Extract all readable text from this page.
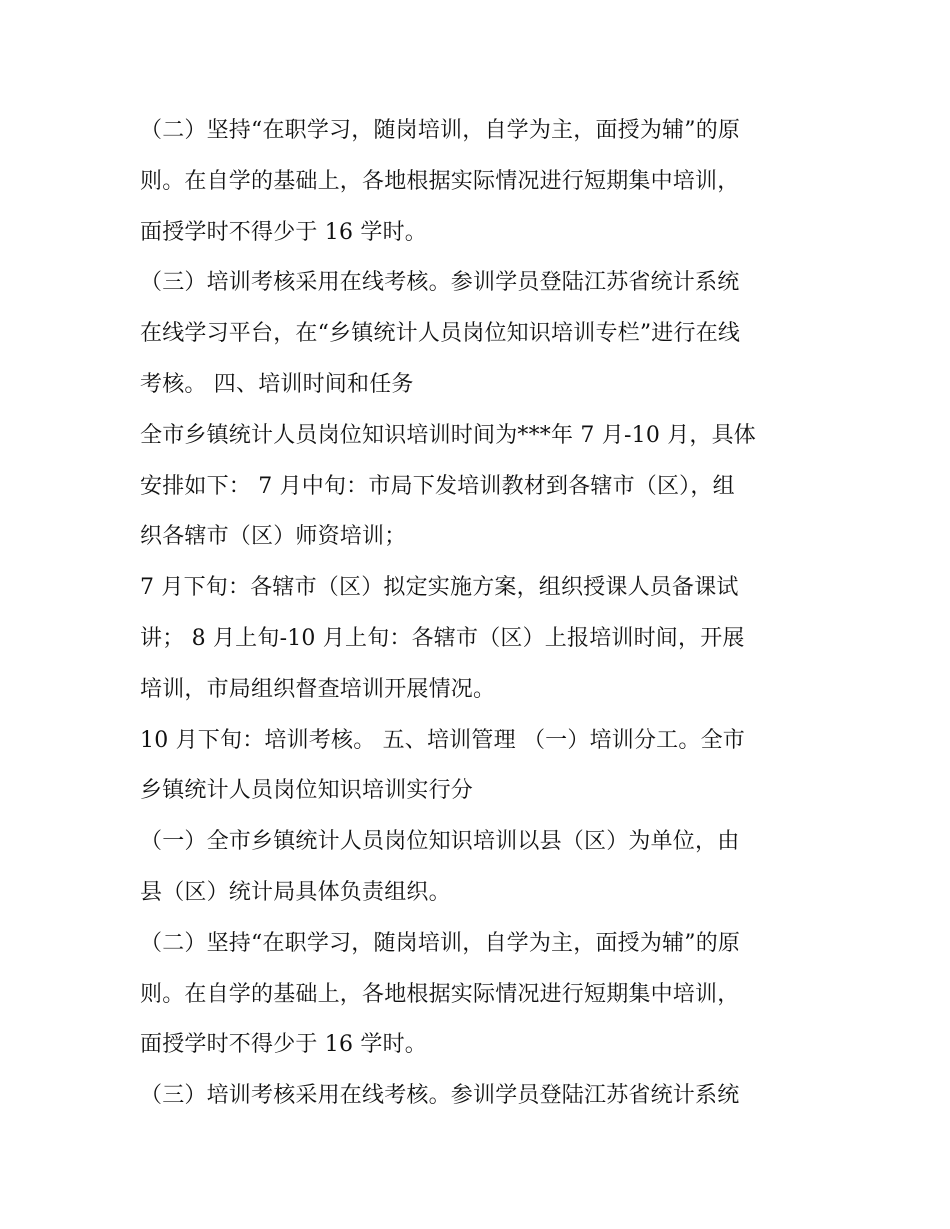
（二）坚持“在职学习，随岗培训，自学为主，面授为辅”的原
则。在自学的基础上，各地根据实际情况进行短期集中培训，
面授学时不得少于 16 学时。
（三）培训考核采用在线考核。参训学员登陆江苏省统计系统
在线学习平台，在“乡镇统计人员岗位知识培训专栏”进行在线
考核。 四、培训时间和任务
全市乡镇统计人员岗位知识培训时间为***年 7 月-10 月，具体
安排如下： 7 月中旬：市局下发培训教材到各辖市（区），组
织各辖市（区）师资培训；
7 月下旬：各辖市（区）拟定实施方案，组织授课人员备课试
讲； 8 月上旬-10 月上旬：各辖市（区）上报培训时间，开展
培训，市局组织督查培训开展情况。
10 月下旬：培训考核。 五、培训管理 （一）培训分工。全市
乡镇统计人员岗位知识培训实行分
（一）全市乡镇统计人员岗位知识培训以县（区）为单位，由
县（区）统计局具体负责组织。
（二）坚持“在职学习，随岗培训，自学为主，面授为辅”的原
则。在自学的基础上，各地根据实际情况进行短期集中培训，
面授学时不得少于 16 学时。
（三）培训考核采用在线考核。参训学员登陆江苏省统计系统
